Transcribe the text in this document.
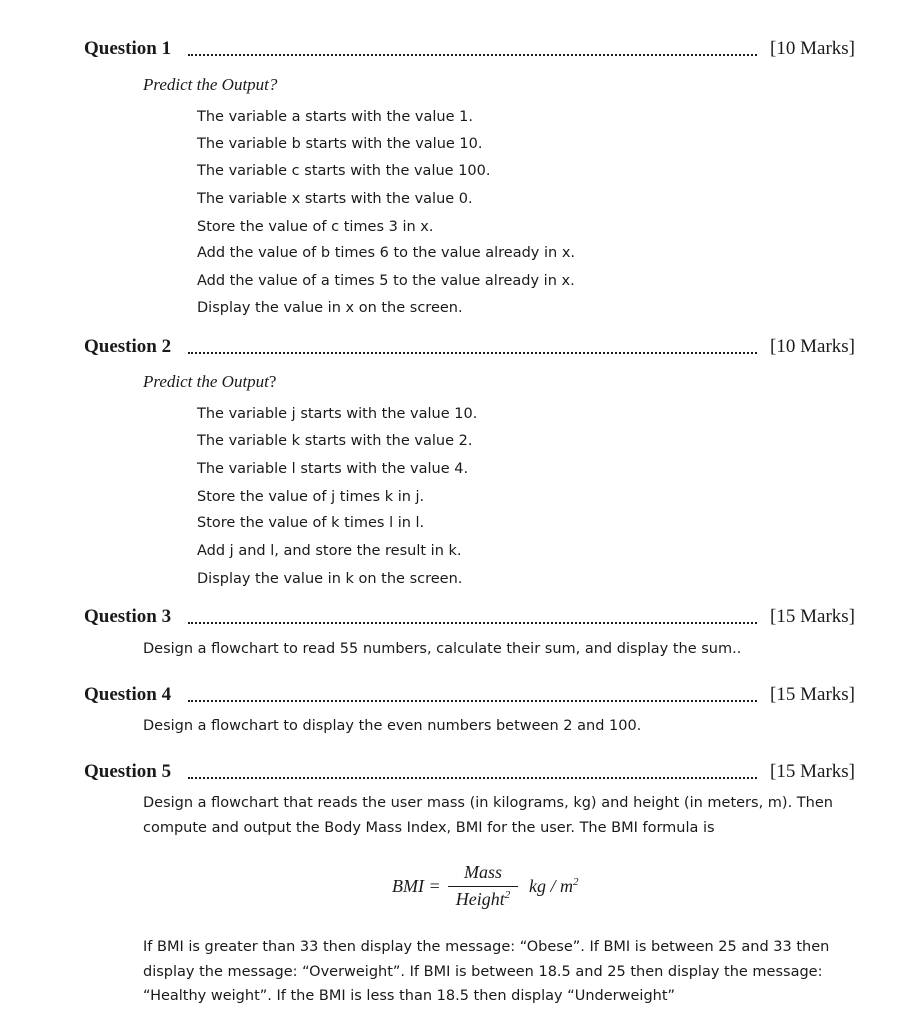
Question 1	[10 Marks]
Predict the Output?
The variable a starts with the value 1.
The variable b starts with the value 10.
The variable c starts with the value 100.
The variable x starts with the value 0.
Store the value of c times 3 in x.
Add the value of b times 6 to the value already in x.
Add the value of a times 5 to the value already in x.
Display the value in x on the screen.
Question 2	[10 Marks]
Predict the Output?
The variable j starts with the value 10.
The variable k starts with the value 2.
The variable l starts with the value 4.
Store the value of j times k in j.
Store the value of k times l in l.
Add j and l, and store the result in k.
Display the value in k on the screen.
Question 3	[15 Marks]
Design a flowchart to read 55 numbers, calculate their sum, and display the sum..
Question 4	[15 Marks]
Design a flowchart to display the even numbers between 2 and 100.
Question 5	[15 Marks]
Design a flowchart that reads the user mass (in kilograms, kg) and height (in meters, m). Then
compute and output the Body Mass Index, BMI for the user. The BMI formula is
BMI =
Mass
Height$^2$	kg / $m^2$
If BMI is greater than 33 then display the message: “Obese”. If BMI is between 25 and 33 then
display the message: “Overweight”. If BMI is between 18.5 and 25 then display the message:
“Healthy weight”. If the BMI is less than 18.5 then display “Underweight”
